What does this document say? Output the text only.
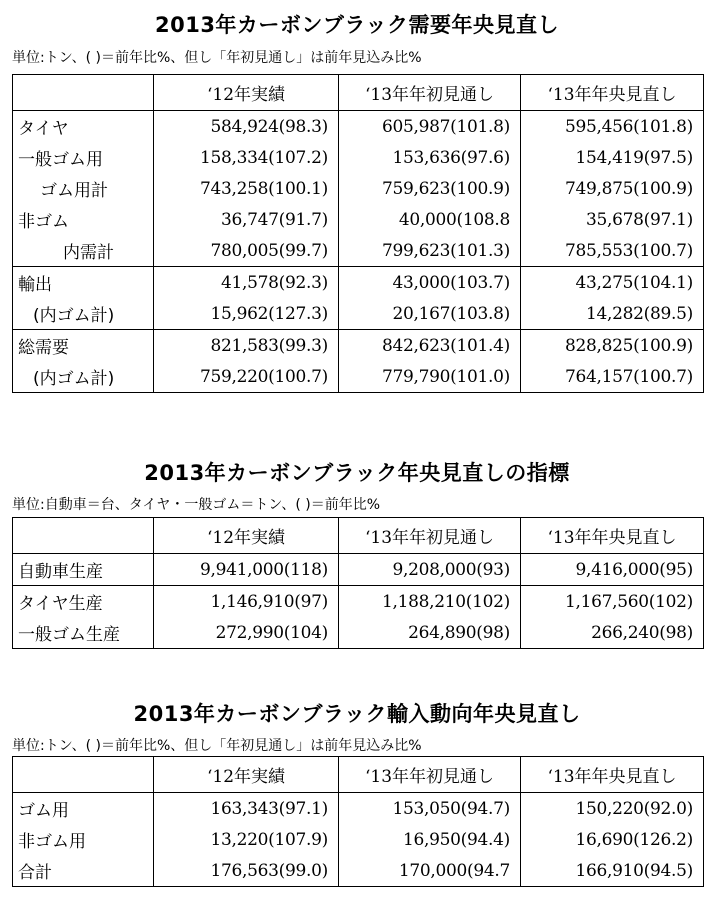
2013年カーボンブラック需要年央見直し
単位:トン、( )＝前年比%、但し「年初見通し」は前年見込み比%
	‘12年実績	‘13年年初見通し	‘13年年央見直し
タイヤ	584,924(98.3)	605,987(101.8)	595,456(101.8)
一般ゴム用	158,334(107.2)	153,636(97.6)	154,419(97.5)
ゴム用計	743,258(100.1)	759,623(100.9)	749,875(100.9)
非ゴム	36,747(91.7)	40,000(108.8	35,678(97.1)
内需計	780,005(99.7)	799,623(101.3)	785,553(100.7)
輸出	41,578(92.3)	43,000(103.7)	43,275(104.1)
(内ゴム計)	15,962(127.3)	20,167(103.8)	14,282(89.5)
総需要	821,583(99.3)	842,623(101.4)	828,825(100.9)
(内ゴム計)	759,220(100.7)	779,790(101.0)	764,157(100.7)
2013年カーボンブラック年央見直しの指標
単位:自動車＝台、タイヤ・一般ゴム＝トン、( )＝前年比%
	‘12年実績	‘13年年初見通し	‘13年年央見直し
自動車生産	9,941,000(118)	9,208,000(93)	9,416,000(95)
タイヤ生産	1,146,910(97)	1,188,210(102)	1,167,560(102)
一般ゴム生産	272,990(104)	264,890(98)	266,240(98)
2013年カーボンブラック輸入動向年央見直し
単位:トン、( )＝前年比%、但し「年初見通し」は前年見込み比%
	‘12年実績	‘13年年初見通し	‘13年年央見直し
ゴム用	163,343(97.1)	153,050(94.7)	150,220(92.0)
非ゴム用	13,220(107.9)	16,950(94.4)	16,690(126.2)
合計	176,563(99.0)	170,000(94.7	166,910(94.5)
